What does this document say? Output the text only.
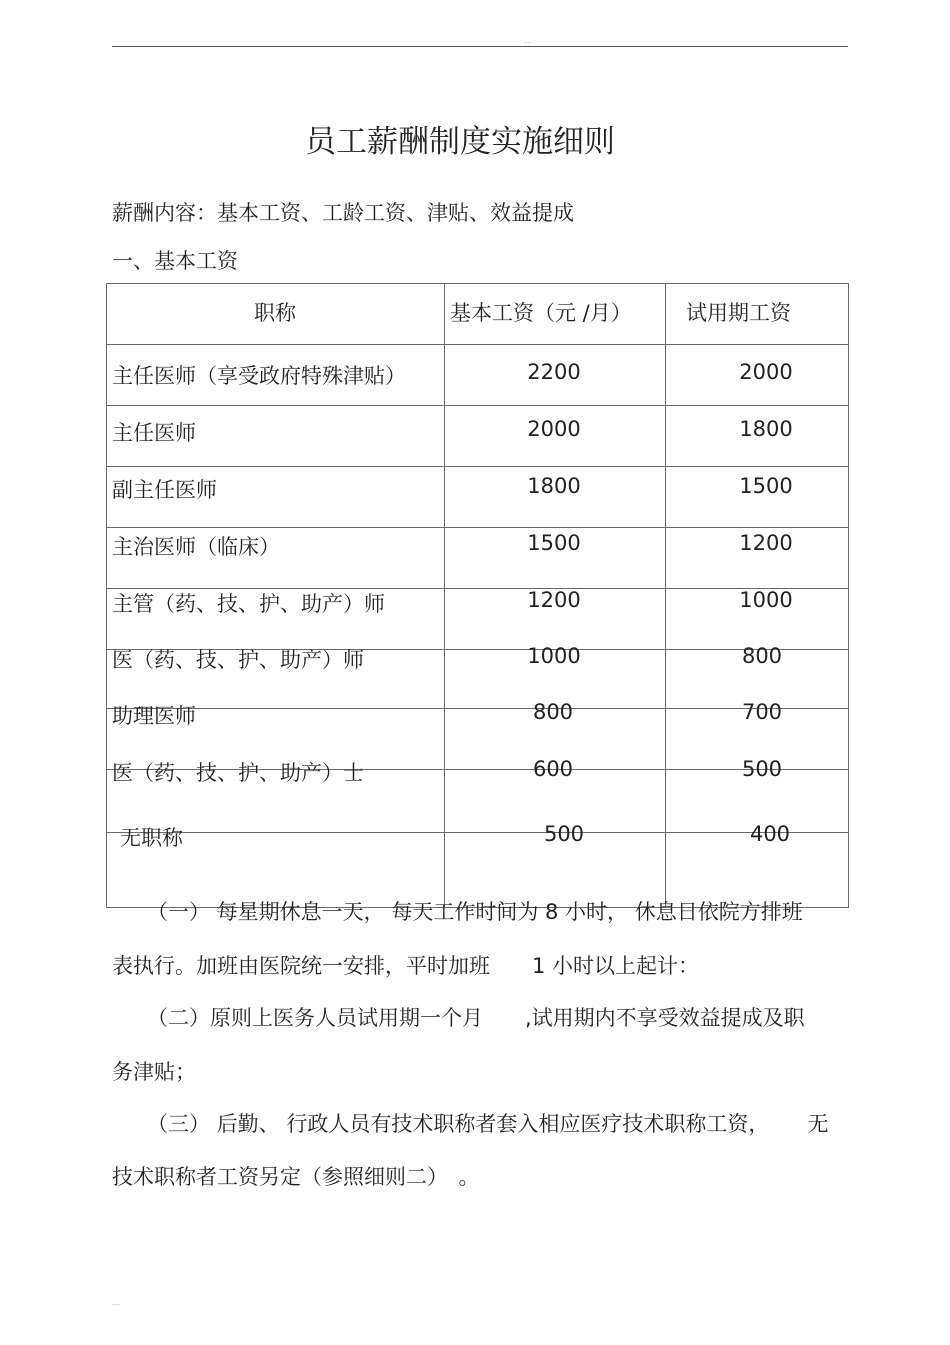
....
员工薪酬制度实施细则
薪酬内容：基本工资、工龄工资、津贴、效益提成
一、基本工资
职称	基本工资（元 /月）	试用期工资
主任医师（享受政府特殊津贴）	2200	2000
主任医师	2000	1800
副主任医师	1800	1500
主治医师（临床）	1500	1200
主管（药、技、护、助产）师	1200	1000
医（药、技、护、助产）师	1000	800
助理医师	800	700
医（药、技、护、助产）士	600	500
无职称	500	400
（一） 每星期休息一天， 每天工作时间为 8 小时， 休息日依院方排班
表执行。加班由医院统一安排，平时加班　　1 小时以上起计：
（二）原则上医务人员试用期一个月　　,试用期内不享受效益提成及职
务津贴；
（三） 后勤、 行政人员有技术职称者套入相应医疗技术职称工资，　　 无
技术职称者工资另定（参照细则二）　。
....
